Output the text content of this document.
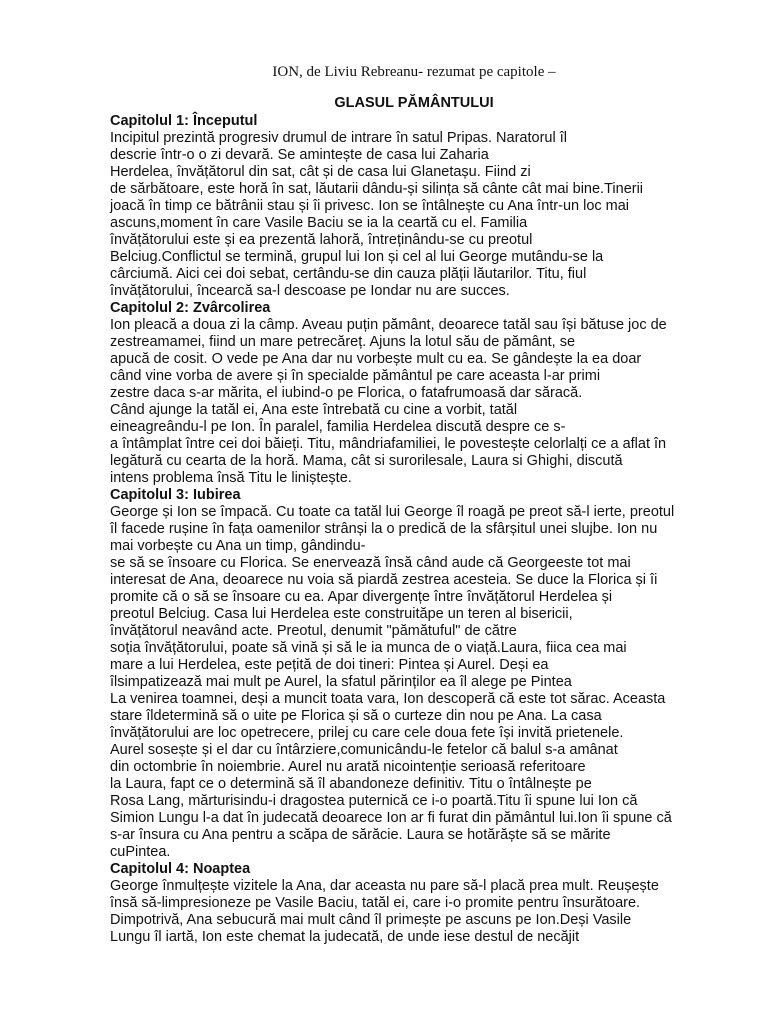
ION, de Liviu Rebreanu- rezumat pe capitole –
GLASUL PĂMÂNTULUI
Capitolul 1: Începutul

Incipitul prezintă progresiv drumul de intrare în satul Pripas. Naratorul îl

descrie într-o o zi devară. Se amintește de casa lui Zaharia

Herdelea, învățătorul din sat, cât și de casa lui Glanetașu. Fiind zi

de sărbătoare, este horă în sat, lăutarii dându-și silința să cânte cât mai bine.Tinerii

joacă în timp ce bătrânii stau și îi privesc. Ion se întâlnește cu Ana într-un loc mai

ascuns,moment în care Vasile Baciu se ia la ceartă cu el. Familia

învățătorului este și ea prezentă lahoră, întreținându-se cu preotul

Belciug.Conflictul se termină, grupul lui Ion și cel al lui George mutându-se la

cârciumă. Aici cei doi sebat, certându-se din cauza plății lăutarilor. Titu, fiul

învățătorului, încearcă sa-l descoase pe Iondar nu are succes.

Capitolul 2: Zvârcolirea

Ion pleacă a doua zi la câmp. Aveau puțin pământ, deoarece tatăl sau își bătuse joc de

zestreamamei, fiind un mare petrecăreț. Ajuns la lotul său de pământ, se

apucă de cosit. O vede pe Ana dar nu vorbește mult cu ea. Se gândește la ea doar

când vine vorba de avere și în specialde pământul pe care aceasta l-ar primi

zestre daca s-ar mărita, el iubind-o pe Florica, o fatafrumoasă dar săracă.

Când ajunge la tatăl ei, Ana este întrebată cu cine a vorbit, tatăl

eineagreându-l pe Ion. În paralel, familia Herdelea discută despre ce s-

a întâmplat între cei doi băieți. Titu, mândriafamiliei, le povestește celorlalți ce a aflat în

legătură cu cearta de la horă. Mama, cât si surorilesale, Laura si Ghighi, discută

intens problema însă Titu le liniștește.

Capitolul 3: Iubirea

George și Ion se împacă. Cu toate ca tatăl lui George îl roagă pe preot să-l ierte, preotul

îl facede rușine în fața oamenilor strânși la o predică de la sfârșitul unei slujbe. Ion nu

mai vorbește cu Ana un timp, gândindu-

se să se însoare cu Florica. Se enervează însă când aude că Georgeeste tot mai

interesat de Ana, deoarece nu voia să piardă zestrea acesteia. Se duce la Florica și îi

promite că o să se însoare cu ea. Apar divergențe între învățătorul Herdelea și

preotul Belciug. Casa lui Herdelea este construităpe un teren al bisericii,

învățătorul neavând acte. Preotul, denumit "pămătuful" de către

soția învățătorului, poate să vină și să le ia munca de o viață.Laura, fiica cea mai

mare a lui Herdelea, este pețită de doi tineri: Pintea și Aurel. Deși ea

îlsimpatizează mai mult pe Aurel, la sfatul părinților ea îl alege pe Pintea

La venirea toamnei, deși a muncit toata vara, Ion descoperă că este tot sărac. Aceasta

stare îldetermină să o uite pe Florica și să o curteze din nou pe Ana. La casa

învățătorului are loc opetrecere, prilej cu care cele doua fete își invită prietenele.

Aurel sosește și el dar cu întârziere,comunicându-le fetelor că balul s-a amânat

din octombrie în noiembrie. Aurel nu arată nicointenție serioasă referitoare

la Laura, fapt ce o determină să îl abandoneze definitiv. Titu o întâlnește pe

Rosa Lang, mărturisindu-i dragostea puternică ce i-o poartă.Titu îi spune lui Ion că

Simion Lungu l-a dat în judecată deoarece Ion ar fi furat din pământul lui.Ion îi spune că

s-ar însura cu Ana pentru a scăpa de sărăcie. Laura se hotărăște să se mărite

cuPintea.

Capitolul 4: Noaptea

George înmulțește vizitele la Ana, dar aceasta nu pare să-l placă prea mult. Reușește

însă să-limpresioneze pe Vasile Baciu, tatăl ei, care i-o promite pentru însurătoare.

Dimpotrivă, Ana sebucură mai mult când îl primește pe ascuns pe Ion.Deși Vasile

Lungu îl iartă, Ion este chemat la judecată, de unde iese destul de necăjit
